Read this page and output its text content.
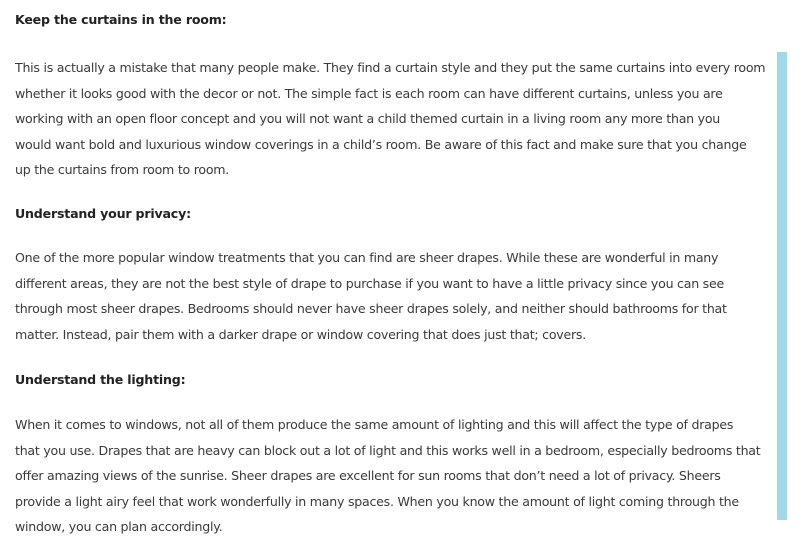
Keep the curtains in the room:
This is actually a mistake that many people make. They find a curtain style and they put the same curtains into every room
whether it looks good with the decor or not. The simple fact is each room can have different curtains, unless you are
working with an open floor concept and you will not want a child themed curtain in a living room any more than you
would want bold and luxurious window coverings in a child’s room. Be aware of this fact and make sure that you change
up the curtains from room to room.
Understand your privacy:
One of the more popular window treatments that you can find are sheer drapes. While these are wonderful in many
different areas, they are not the best style of drape to purchase if you want to have a little privacy since you can see
through most sheer drapes. Bedrooms should never have sheer drapes solely, and neither should bathrooms for that
matter. Instead, pair them with a darker drape or window covering that does just that; covers.
Understand the lighting:
When it comes to windows, not all of them produce the same amount of lighting and this will affect the type of drapes
that you use. Drapes that are heavy can block out a lot of light and this works well in a bedroom, especially bedrooms that
offer amazing views of the sunrise. Sheer drapes are excellent for sun rooms that don’t need a lot of privacy. Sheers
provide a light airy feel that work wonderfully in many spaces. When you know the amount of light coming through the
window, you can plan accordingly.
